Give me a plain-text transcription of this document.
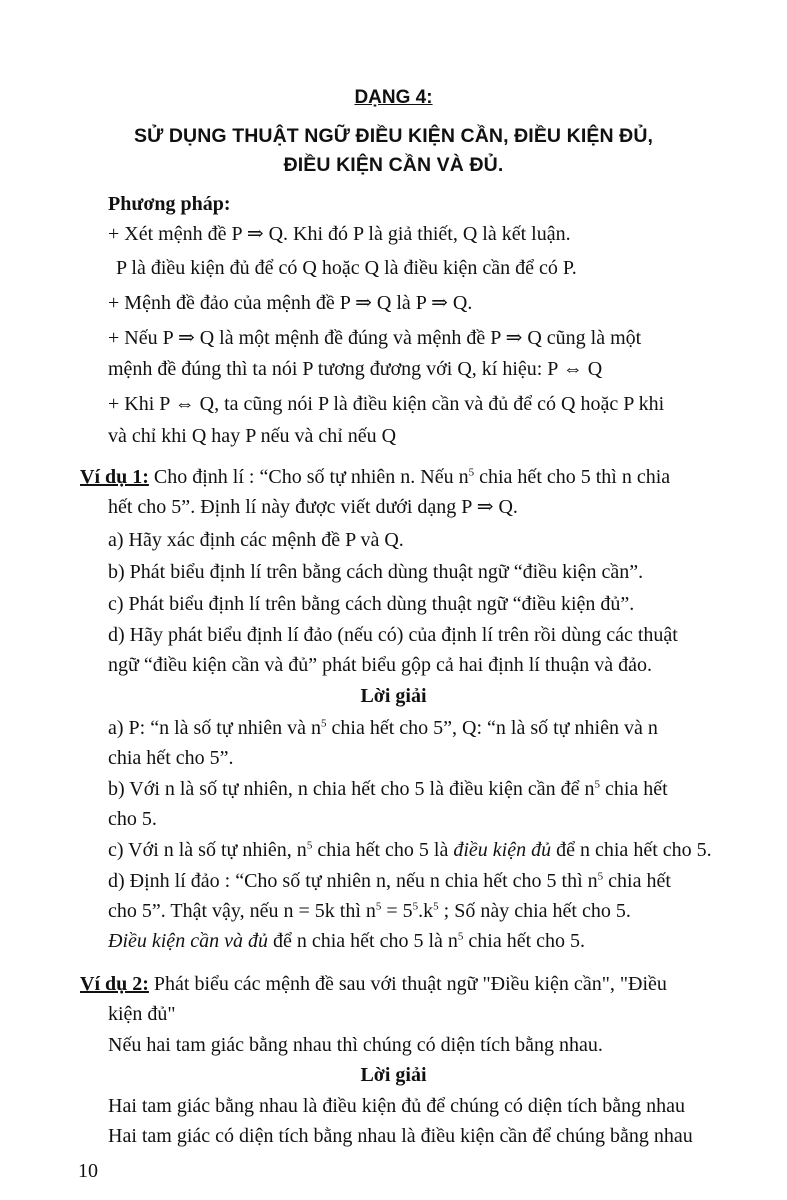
DẠNG 4:
SỬ DỤNG THUẬT NGỮ ĐIỀU KIỆN CẦN, ĐIỀU KIỆN ĐỦ,
ĐIỀU KIỆN CẦN VÀ ĐỦ.
Phương pháp:
+ Xét mệnh đề P ⇒ Q. Khi đó P là giả thiết, Q là kết luận.
P là điều kiện đủ để có Q hoặc Q là điều kiện cần để có P.
+ Mệnh đề đảo của mệnh đề P ⇒ Q là P ⇒ Q.
+ Nếu P ⇒ Q là một mệnh đề đúng và mệnh đề P ⇒ Q cũng là một
mệnh đề đúng thì ta nói P tương đương với Q, kí hiệu: P ⇔ Q
+ Khi P ⇔ Q, ta cũng nói P là điều kiện cần và đủ để có Q hoặc P khi
và chỉ khi Q hay P nếu và chỉ nếu Q
Ví dụ 1: Cho định lí : “Cho số tự nhiên n. Nếu $n^5$ chia hết cho 5 thì n chia
hết cho 5”. Định lí này được viết dưới dạng P ⇒ Q.
a) Hãy xác định các mệnh đề P và Q.
b) Phát biểu định lí trên bằng cách dùng thuật ngữ “điều kiện cần”.
c) Phát biểu định lí trên bằng cách dùng thuật ngữ “điều kiện đủ”.
d) Hãy phát biểu định lí đảo (nếu có) của định lí trên rồi dùng các thuật
ngữ “điều kiện cần và đủ” phát biểu gộp cả hai định lí thuận và đảo.
Lời giải
a) P: “n là số tự nhiên và $n^5$ chia hết cho 5”, Q: “n là số tự nhiên và n
chia hết cho 5”.
b) Với n là số tự nhiên, n chia hết cho 5 là điều kiện cần để $n^5$ chia hết
cho 5.
c) Với n là số tự nhiên, $n^5$ chia hết cho 5 là điều kiện đủ để n chia hết cho 5.
d) Định lí đảo : “Cho số tự nhiên n, nếu n chia hết cho 5 thì $n^5$ chia hết
cho 5”. Thật vậy, nếu n = 5k thì $n^5 = 5^5.k^5$ ; Số này chia hết cho 5.
Điều kiện cần và đủ để n chia hết cho 5 là $n^5$ chia hết cho 5.
Ví dụ 2: Phát biểu các mệnh đề sau với thuật ngữ "Điều kiện cần", "Điều
kiện đủ"
Nếu hai tam giác bằng nhau thì chúng có diện tích bằng nhau.
Lời giải
Hai tam giác bằng nhau là điều kiện đủ để chúng có diện tích bằng nhau
Hai tam giác có diện tích bằng nhau là điều kiện cần để chúng bằng nhau
10
